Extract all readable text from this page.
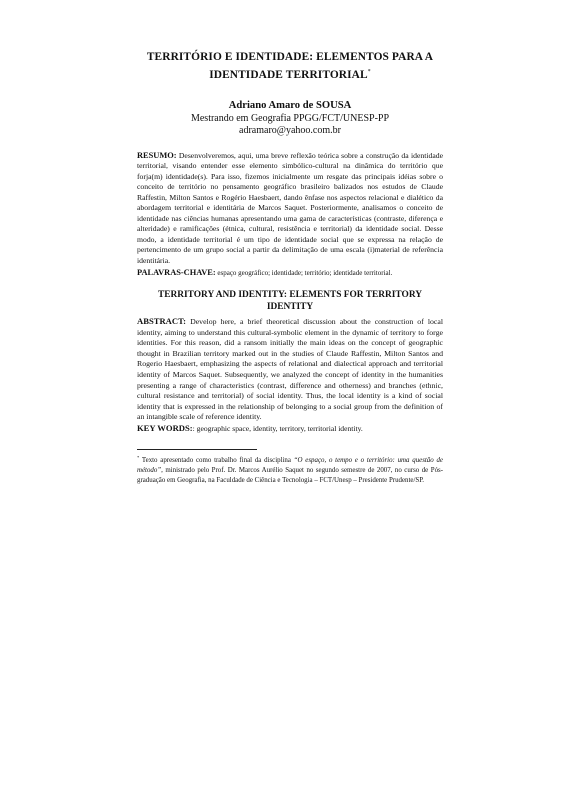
TERRITÓRIO E IDENTIDADE: ELEMENTOS PARA A
IDENTIDADE TERRITORIAL*
Adriano Amaro de SOUSA
Mestrando em Geografia PPGG/FCT/UNESP-PP
adramaro@yahoo.com.br
RESUMO: Desenvolveremos, aqui, uma breve reflexão teórica sobre a construção da identidade territorial, visando entender esse elemento simbólico-cultural na dinâmica do território que forja(m) identidade(s). Para isso, fizemos inicialmente um resgate das principais idéias sobre o conceito de território no pensamento geográfico brasileiro balizados nos estudos de Claude Raffestin, Milton Santos e Rogério Haesbaert, dando ênfase nos aspectos relacional e dialético da abordagem territorial e identitária de Marcos Saquet. Posteriormente, analisamos o conceito de identidade nas ciências humanas apresentando uma gama de características (contraste, diferença e alteridade) e ramificações (étnica, cultural, resistência e territorial) da identidade social. Desse modo, a identidade territorial é um tipo de identidade social que se expressa na relação de pertencimento de um grupo social a partir da delimitação de uma escala (i)material de referência identitária.
PALAVRAS-CHAVE: espaço geográfico; identidade; território; identidade territorial.
TERRITORY AND IDENTITY: ELEMENTS FOR TERRITORY
IDENTITY
ABSTRACT: Develop here, a brief theoretical discussion about the construction of local identity, aiming to understand this cultural-symbolic element in the dynamic of territory to forge identities. For this reason, did a ransom initially the main ideas on the concept of geographic thought in Brazilian territory marked out in the studies of Claude Raffestin, Milton Santos and Rogerio Haesbaert, emphasizing the aspects of relational and dialectical approach and territorial identity of Marcos Saquet. Subsequently, we analyzed the concept of identity in the humanities presenting a range of characteristics (contrast, difference and otherness) and branches (ethnic, cultural resistance and territorial) of social identity. Thus, the local identity is a kind of social identity that is expressed in the relationship of belonging to a social group from the definition of an intangible scale of reference identity.
KEY WORDS:: geographic space, identity, territory, territorial identity.
* Texto apresentado como trabalho final da disciplina “O espaço, o tempo e o território: uma questão de método”, ministrado pelo Prof. Dr. Marcos Aurélio Saquet no segundo semestre de 2007, no curso de Pós-graduação em Geografia, na Faculdade de Ciência e Tecnologia – FCT/Unesp – Presidente Prudente/SP.
